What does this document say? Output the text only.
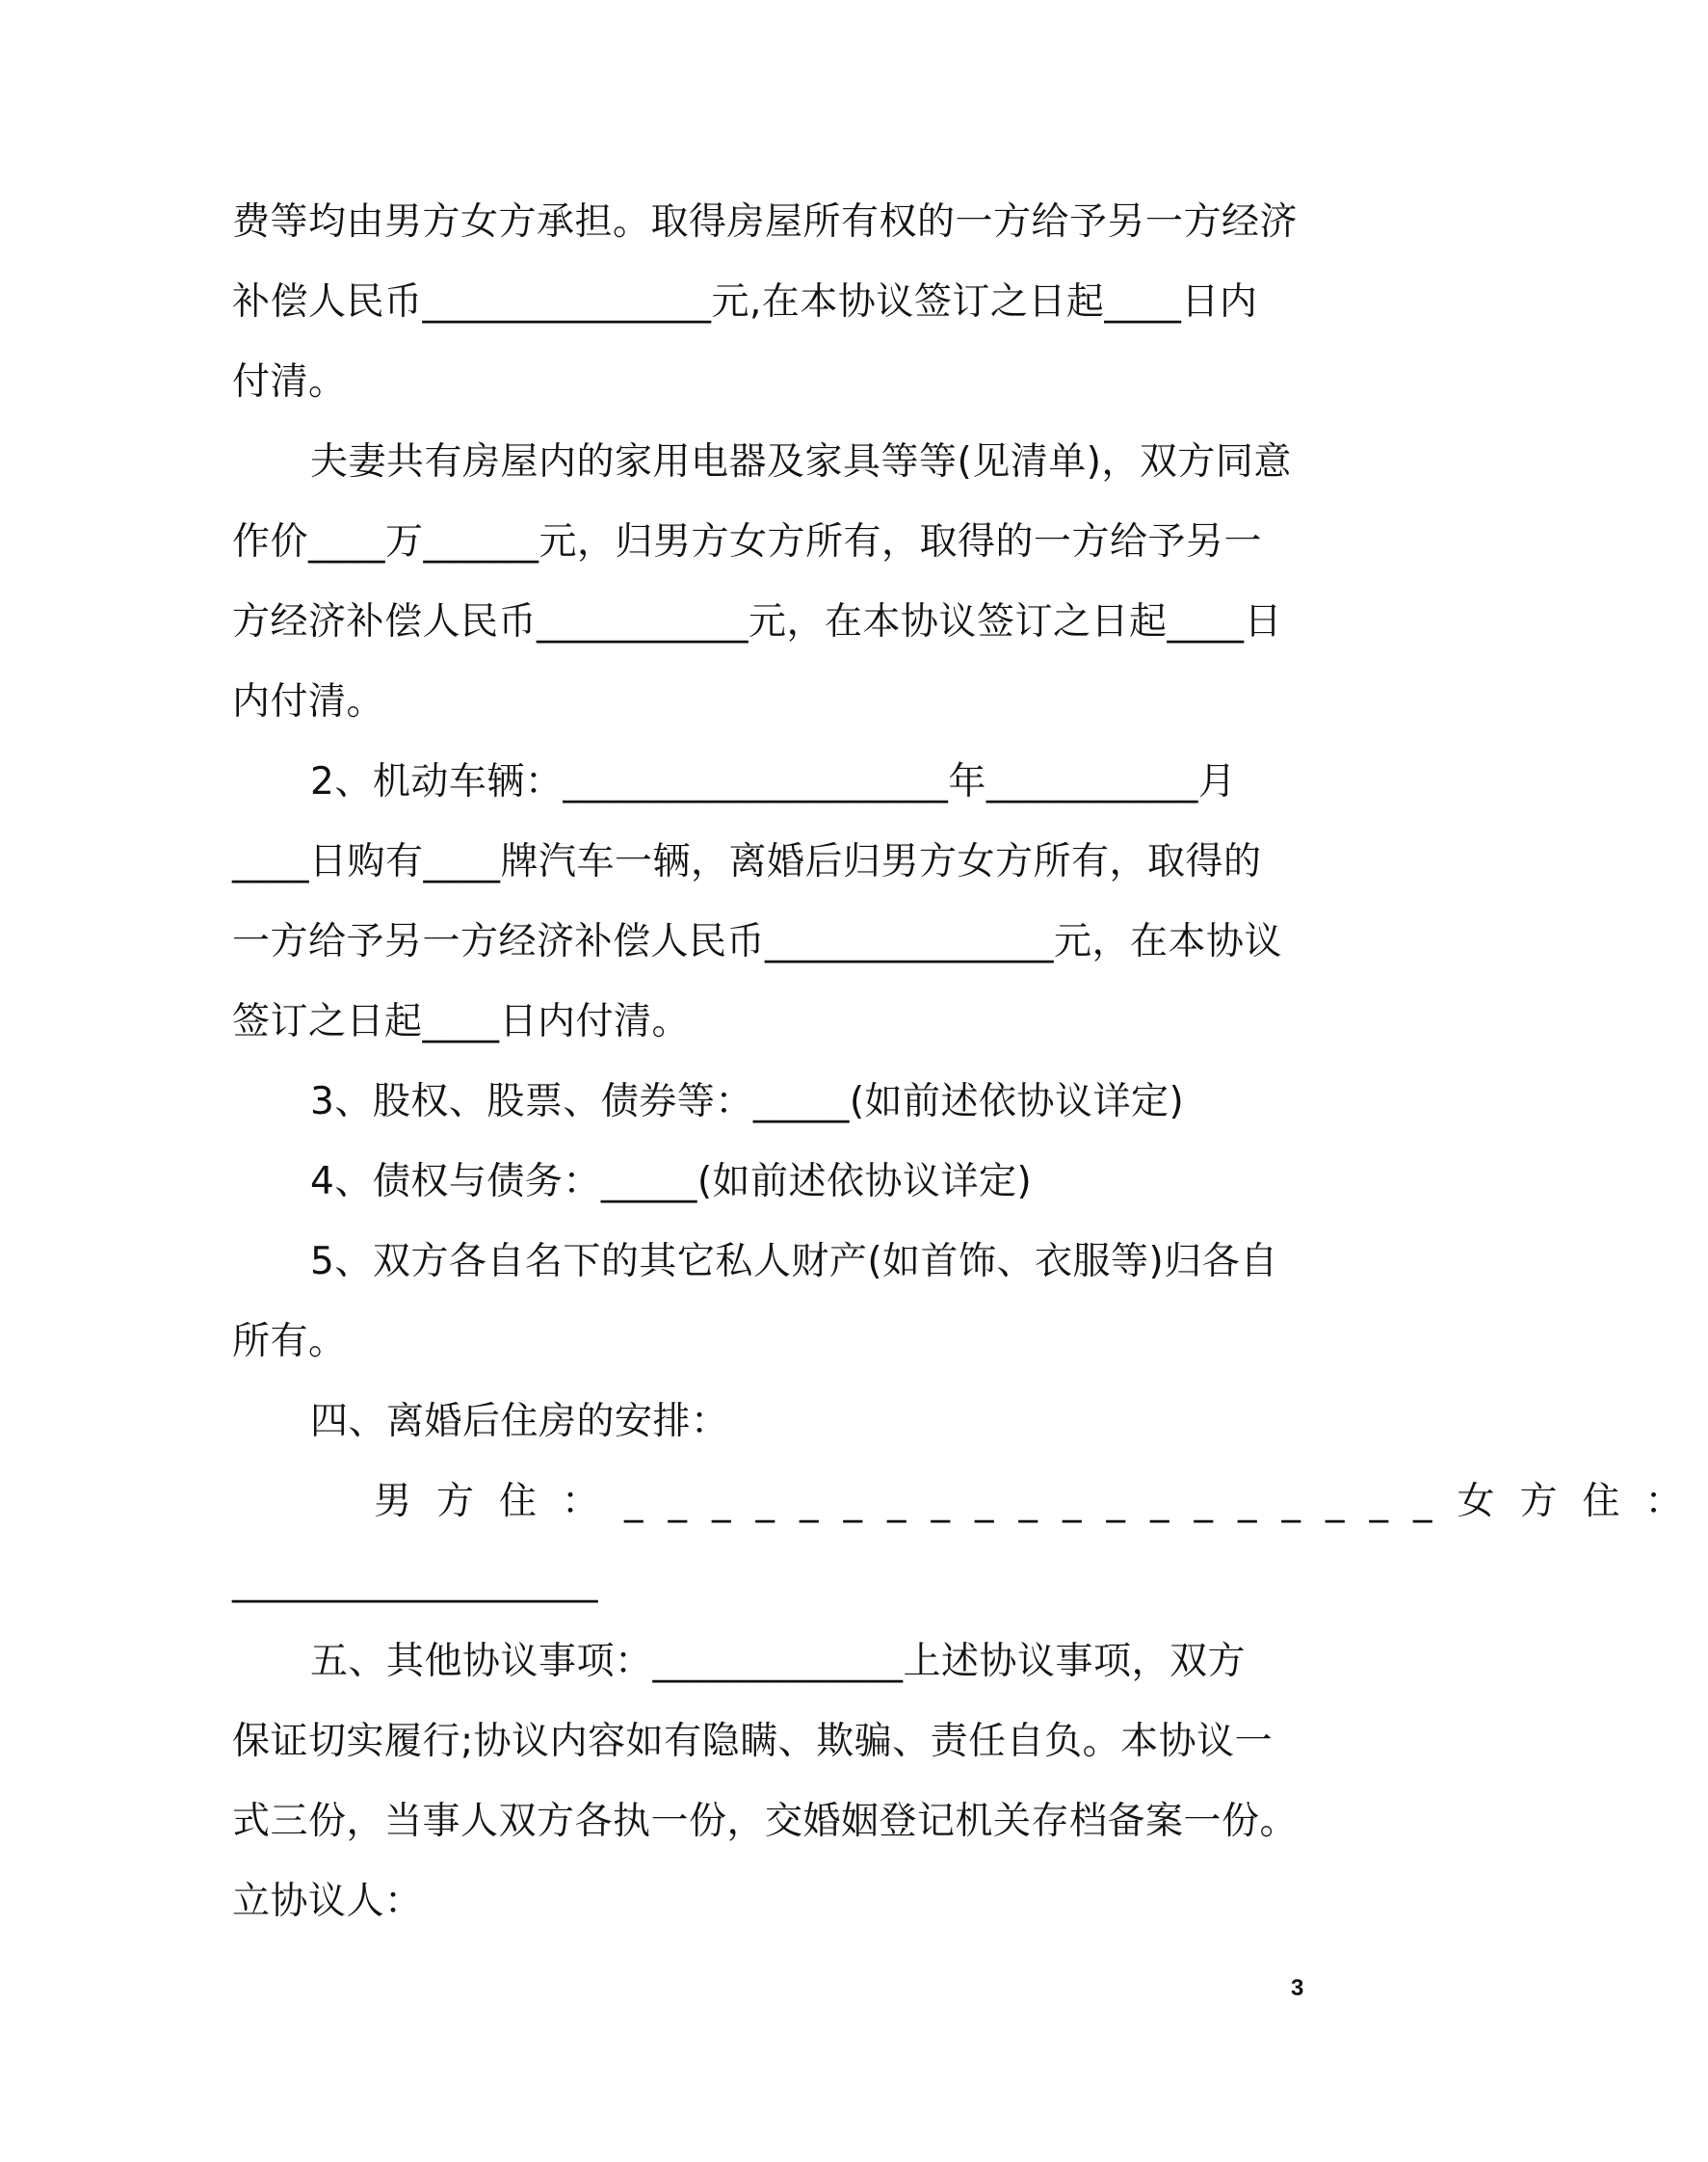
费等均由男方女方承担。取得房屋所有权的一方给予另一方经济
补偿人民币_______________元,在本协议签订之日起____日内
付清。
夫妻共有房屋内的家用电器及家具等等(见清单)，双方同意
作价____万______元，归男方女方所有，取得的一方给予另一
方经济补偿人民币___________元，在本协议签订之日起____日
内付清。
2、机动车辆：____________________年___________月
____日购有____牌汽车一辆，离婚后归男方女方所有，取得的
一方给予另一方经济补偿人民币_______________元，在本协议
签订之日起____日内付清。
3、股权、股票、债券等：_____(如前述依协议详定)
4、债权与债务：_____(如前述依协议详定)
5、双方各自名下的其它私人财产(如首饰、衣服等)归各自
所有。
四、离婚后住房的安排：
男方住：___________________女方住：
___________________
五、其他协议事项：_____________上述协议事项，双方
保证切实履行;协议内容如有隐瞒、欺骗、责任自负。本协议一
式三份，当事人双方各执一份，交婚姻登记机关存档备案一份。
立协议人：
3
